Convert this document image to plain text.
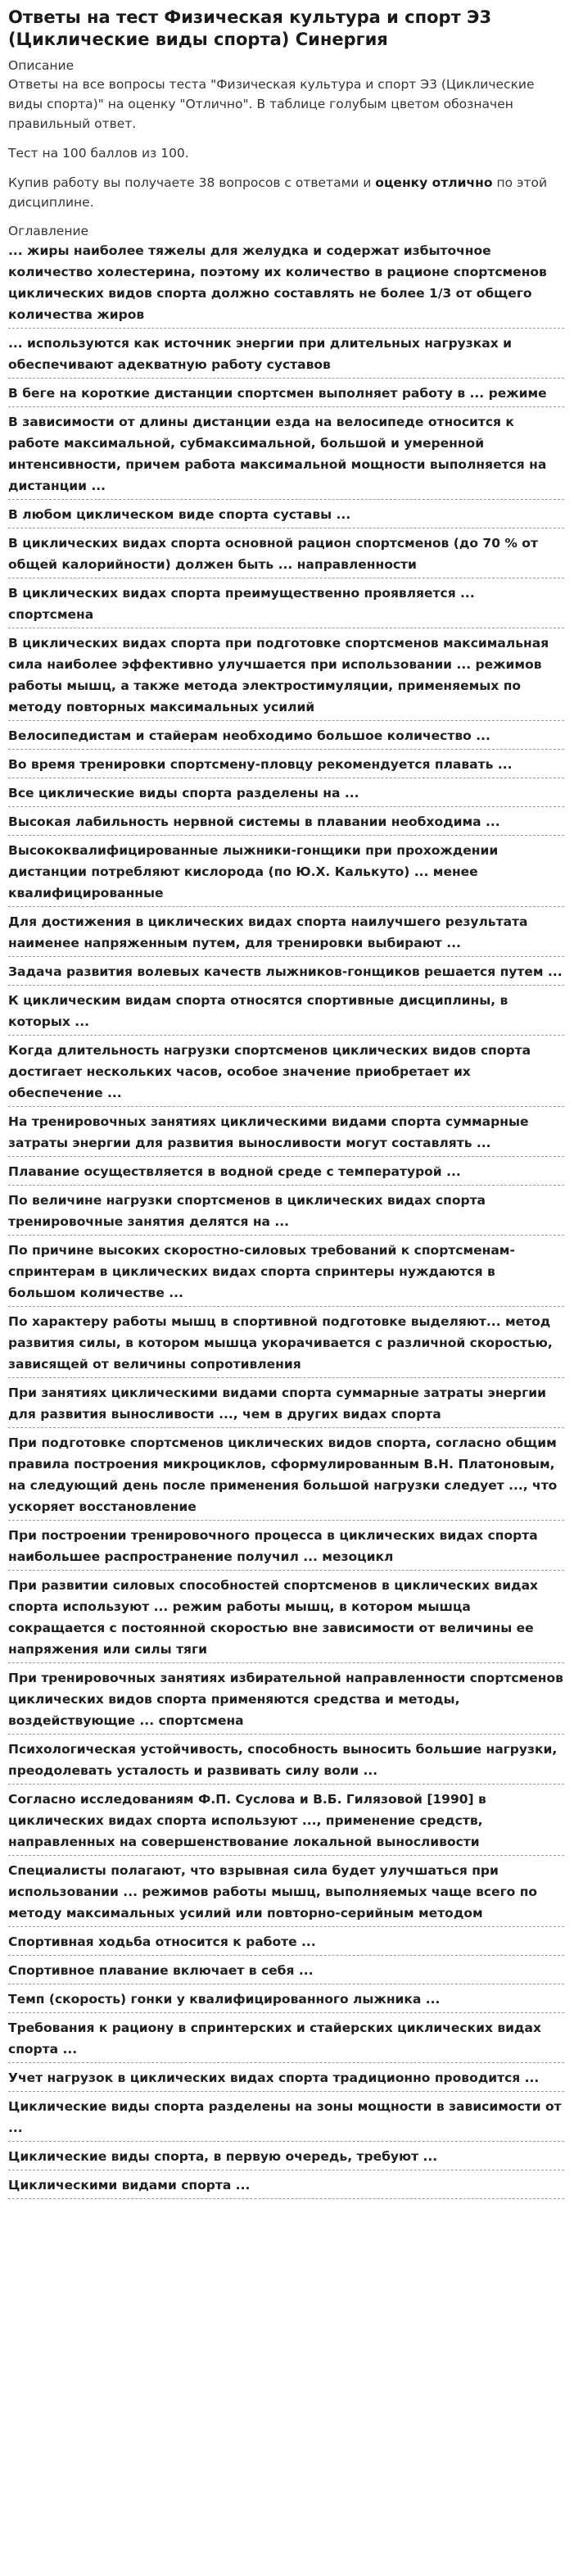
Ответы на тест Физическая культура и спорт Э3 (Циклические виды спорта) Синергия
Описание

Ответы на все вопросы теста "Физическая культура и спорт Э3 (Циклические виды спорта)" на оценку "Отлично". В таблице голубым цветом обозначен правильный ответ.

Тест на 100 баллов из 100.

Купив работу вы получаете 38 вопросов с ответами и оценку отлично по этой дисциплине.

Оглавление
... жиры наиболее тяжелы для желудка и содержат избыточное количество холестерина, поэтому их количество в рационе спортсменов циклических видов спорта должно составлять не более 1/3 от общего количества жиров
... используются как источник энергии при длительных нагрузках и обеспечивают адекватную работу суставов
В беге на короткие дистанции спортсмен выполняет работу в ... режиме
В зависимости от длины дистанции езда на велосипеде относится к работе максимальной, субмаксимальной, большой и умеренной интенсивности, причем работа максимальной мощности выполняется на дистанции ...
В любом циклическом виде спорта суставы ...
В циклических видах спорта основной рацион спортсменов (до 70 % от общей калорийности) должен быть ... направленности
В циклических видах спорта преимущественно проявляется ... спортсмена
В циклических видах спорта при подготовке спортсменов максимальная сила наиболее эффективно улучшается при использовании ... режимов работы мышц, а также метода электростимуляции, применяемых по методу повторных максимальных усилий
Велосипедистам и стайерам необходимо большое количество ...
Во время тренировки спортсмену-пловцу рекомендуется плавать ...
Все циклические виды спорта разделены на ...
Высокая лабильность нервной системы в плавании необходима ...
Высококвалифицированные лыжники-гонщики при прохождении дистанции потребляют кислорода (по Ю.Х. Калькуто) ... менее квалифицированные
Для достижения в циклических видах спорта наилучшего результата наименее напряженным путем, для тренировки выбирают ...
Задача развития волевых качеств лыжников-гонщиков решается путем ...
К циклическим видам спорта относятся спортивные дисциплины, в которых ...
Когда длительность нагрузки спортсменов циклических видов спорта достигает нескольких часов, особое значение приобретает их обеспечение ...
На тренировочных занятиях циклическими видами спорта суммарные затраты энергии для развития выносливости могут составлять ...
Плавание осуществляется в водной среде с температурой ...
По величине нагрузки спортсменов в циклических видах спорта тренировочные занятия делятся на ...
По причине высоких скоростно-силовых требований к спортсменам-спринтерам в циклических видах спорта спринтеры нуждаются в большом количестве ...
По характеру работы мышц в спортивной подготовке выделяют... метод развития силы, в котором мышца укорачивается с различной скоростью, зависящей от величины сопротивления
При занятиях циклическими видами спорта суммарные затраты энергии для развития выносливости ..., чем в других видах спорта
При подготовке спортсменов циклических видов спорта, согласно общим правила построения микроциклов, сформулированным В.Н. Платоновым, на следующий день после применения большой нагрузки следует ..., что ускоряет восстановление
При построении тренировочного процесса в циклических видах спорта наибольшее распространение получил ... мезоцикл
При развитии силовых способностей спортсменов в циклических видах спорта используют ... режим работы мышц, в котором мышца сокращается с постоянной скоростью вне зависимости от величины ее напряжения или силы тяги
При тренировочных занятиях избирательной направленности спортсменов циклических видов спорта применяются средства и методы, воздействующие ... спортсмена
Психологическая устойчивость, способность выносить большие нагрузки, преодолевать усталость и развивать силу воли ...
Согласно исследованиям Ф.П. Суслова и В.Б. Гилязовой [1990] в циклических видах спорта используют ..., применение средств, направленных на совершенствование локальной выносливости
Специалисты полагают, что взрывная сила будет улучшаться при использовании ... режимов работы мышц, выполняемых чаще всего по методу максимальных усилий или повторно-серийным методом
Спортивная ходьба относится к работе ...
Спортивное плавание включает в себя ...
Темп (скорость) гонки у квалифицированного лыжника ...
Требования к рациону в спринтерских и стайерских циклических видах спорта ...
Учет нагрузок в циклических видах спорта традиционно проводится ...
Циклические виды спорта разделены на зоны мощности в зависимости от ...
Циклические виды спорта, в первую очередь, требуют ...
Циклическими видами спорта ...
